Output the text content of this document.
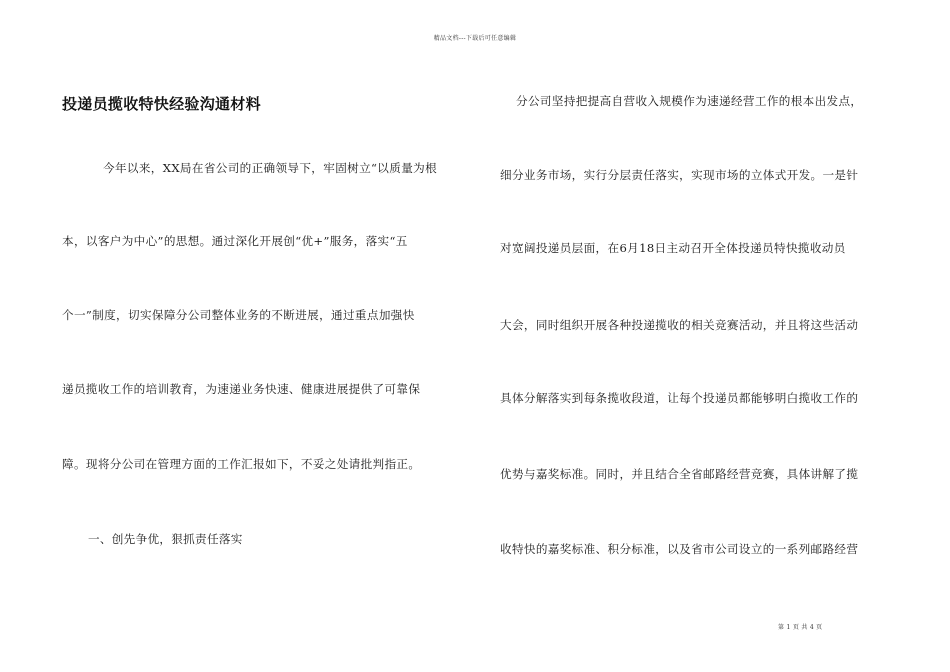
精品文档---下载后可任意编辑
投递员揽收特快经验沟通材料
今年以来，XX局在省公司的正确领导下，牢固树立“以质量为根
本，以客户为中心”的思想。通过深化开展创“优+”服务，落实“五
个一”制度，切实保障分公司整体业务的不断进展，通过重点加强快
递员揽收工作的培训教育，为速递业务快速、健康进展提供了可靠保
障。现将分公司在管理方面的工作汇报如下，不妥之处请批判指正。
一、创先争优，狠抓责任落实
分公司坚持把提高自营收入规模作为速递经营工作的根本出发点，
细分业务市场，实行分层责任落实，实现市场的立体式开发。一是针
对宽阔投递员层面，在6月18日主动召开全体投递员特快揽收动员
大会，同时组织开展各种投递揽收的相关竞赛活动，并且将这些活动
具体分解落实到每条揽收段道，让每个投递员都能够明白揽收工作的
优势与嘉奖标准。同时，并且结合全省邮路经营竞赛，具体讲解了揽
收特快的嘉奖标准、积分标准，以及省市公司设立的一系列邮路经营
第 1 页 共 4 页
